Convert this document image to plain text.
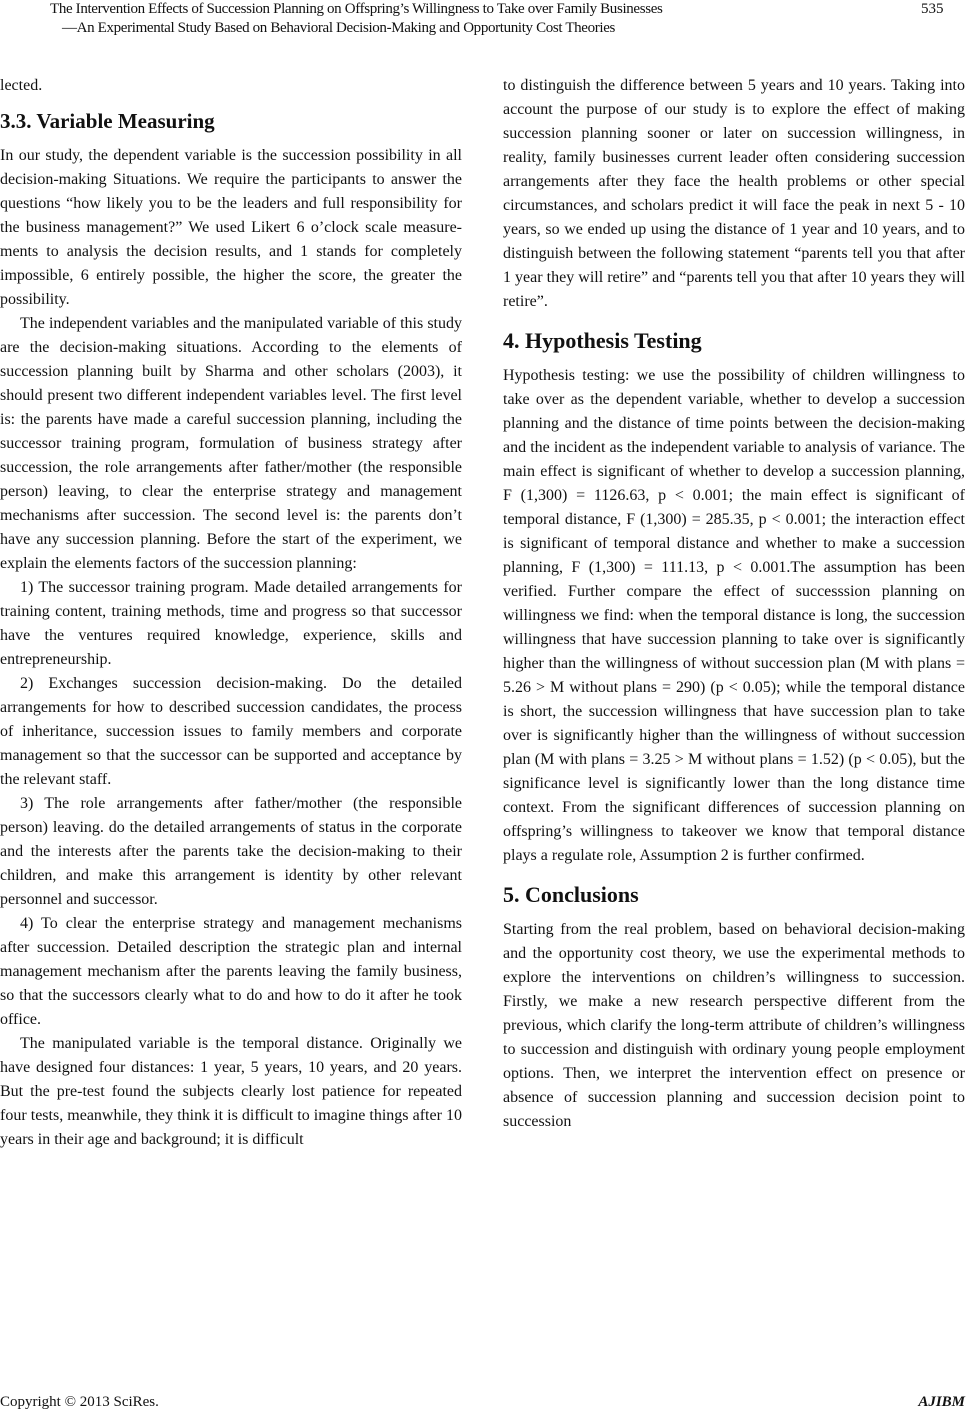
The Intervention Effects of Succession Planning on Offspring’s Willingness to Take over Family Businesses
—An Experimental Study Based on Behavioral Decision-Making and Opportunity Cost Theories
535

lected.

3.3. Variable Measuring

In our study, the dependent variable is the succession possibility in all decision-making Situations. We require the participants to answer the questions “how likely you to be the leaders and full responsibility for the business management?” We used Likert 6 o’clock scale measurements to analysis the decision results, and 1 stands for completely impossible, 6 entirely possible, the higher the score, the greater the possibility.

The independent variables and the manipulated variable of this study are the decision-making situations. According to the elements of succession planning built by Sharma and other scholars (2003), it should present two different independent variables level. The first level is: the parents have made a careful succession planning, including the successor training program, formulation of business strategy after succession, the role arrangements after father/mother (the responsible person) leaving, to clear the enterprise strategy and management mechanisms after succession. The second level is: the parents don’t have any succession planning. Before the start of the experiment, we explain the elements factors of the succession planning:

1) The successor training program. Made detailed arrangements for training content, training methods, time and progress so that successor have the ventures required knowledge, experience, skills and entrepreneurship.

2) Exchanges succession decision-making. Do the detailed arrangements for how to described succession candidates, the process of inheritance, succession issues to family members and corporate management so that the successor can be supported and acceptance by the relevant staff.

3) The role arrangements after father/mother (the responsible person) leaving. do the detailed arrangements of status in the corporate and the interests after the parents take the decision-making to their children, and make this arrangement is identity by other relevant personnel and successor.

4) To clear the enterprise strategy and management mechanisms after succession. Detailed description the strategic plan and internal management mechanism after the parents leaving the family business, so that the successors clearly what to do and how to do it after he took office.

The manipulated variable is the temporal distance. Originally we have designed four distances: 1 year, 5 years, 10 years, and 20 years. But the pre-test found the subjects clearly lost patience for repeated four tests, meanwhile, they think it is difficult to imagine things after 10 years in their age and background; it is difficult

to distinguish the difference between 5 years and 10 years. Taking into account the purpose of our study is to explore the effect of making succession planning sooner or later on succession willingness, in reality, family businesses current leader often considering succession arrangements after they face the health problems or other special circumstances, and scholars predict it will face the peak in next 5 - 10 years, so we ended up using the distance of 1 year and 10 years, and to distinguish between the following statement “parents tell you that after 1 year they will retire” and “parents tell you that after 10 years they will retire”.

4. Hypothesis Testing

Hypothesis testing: we use the possibility of children willingness to take over as the dependent variable, whether to develop a succession planning and the distance of time points between the decision-making and the incident as the independent variable to analysis of variance. The main effect is significant of whether to develop a succession planning, F (1,300) = 1126.63, p < 0.001; the main effect is significant of temporal distance, F (1,300) = 285.35, p < 0.001; the interaction effect is significant of temporal distance and whether to make a succession planning, F (1,300) = 111.13, p < 0.001.The assumption has been verified. Further compare the effect of successsion planning on willingness we find: when the temporal distance is long, the succession willingness that have succession planning to take over is significantly higher than the willingness of without succession plan (M with plans = 5.26 > M without plans = 290) (p < 0.05); while the temporal distance is short, the succession willingness that have succession plan to take over is significantly higher than the willingness of without succession plan (M with plans = 3.25 > M without plans = 1.52) (p < 0.05), but the significance level is significantly lower than the long distance time context. From the significant differences of succession planning on offspring’s willingness to takeover we know that temporal distance plays a regulate role, Assumption 2 is further confirmed.

5. Conclusions

Starting from the real problem, based on behavioral decision-making and the opportunity cost theory, we use the experimental methods to explore the interventions on children’s willingness to succession. Firstly, we make a new research perspective different from the previous, which clarify the long-term attribute of children’s willingness to succession and distinguish with ordinary young people employment options. Then, we interpret the intervention effect on presence or absence of succession planning and succession decision point to succession

Copyright © 2013 SciRes.	AJIBM
